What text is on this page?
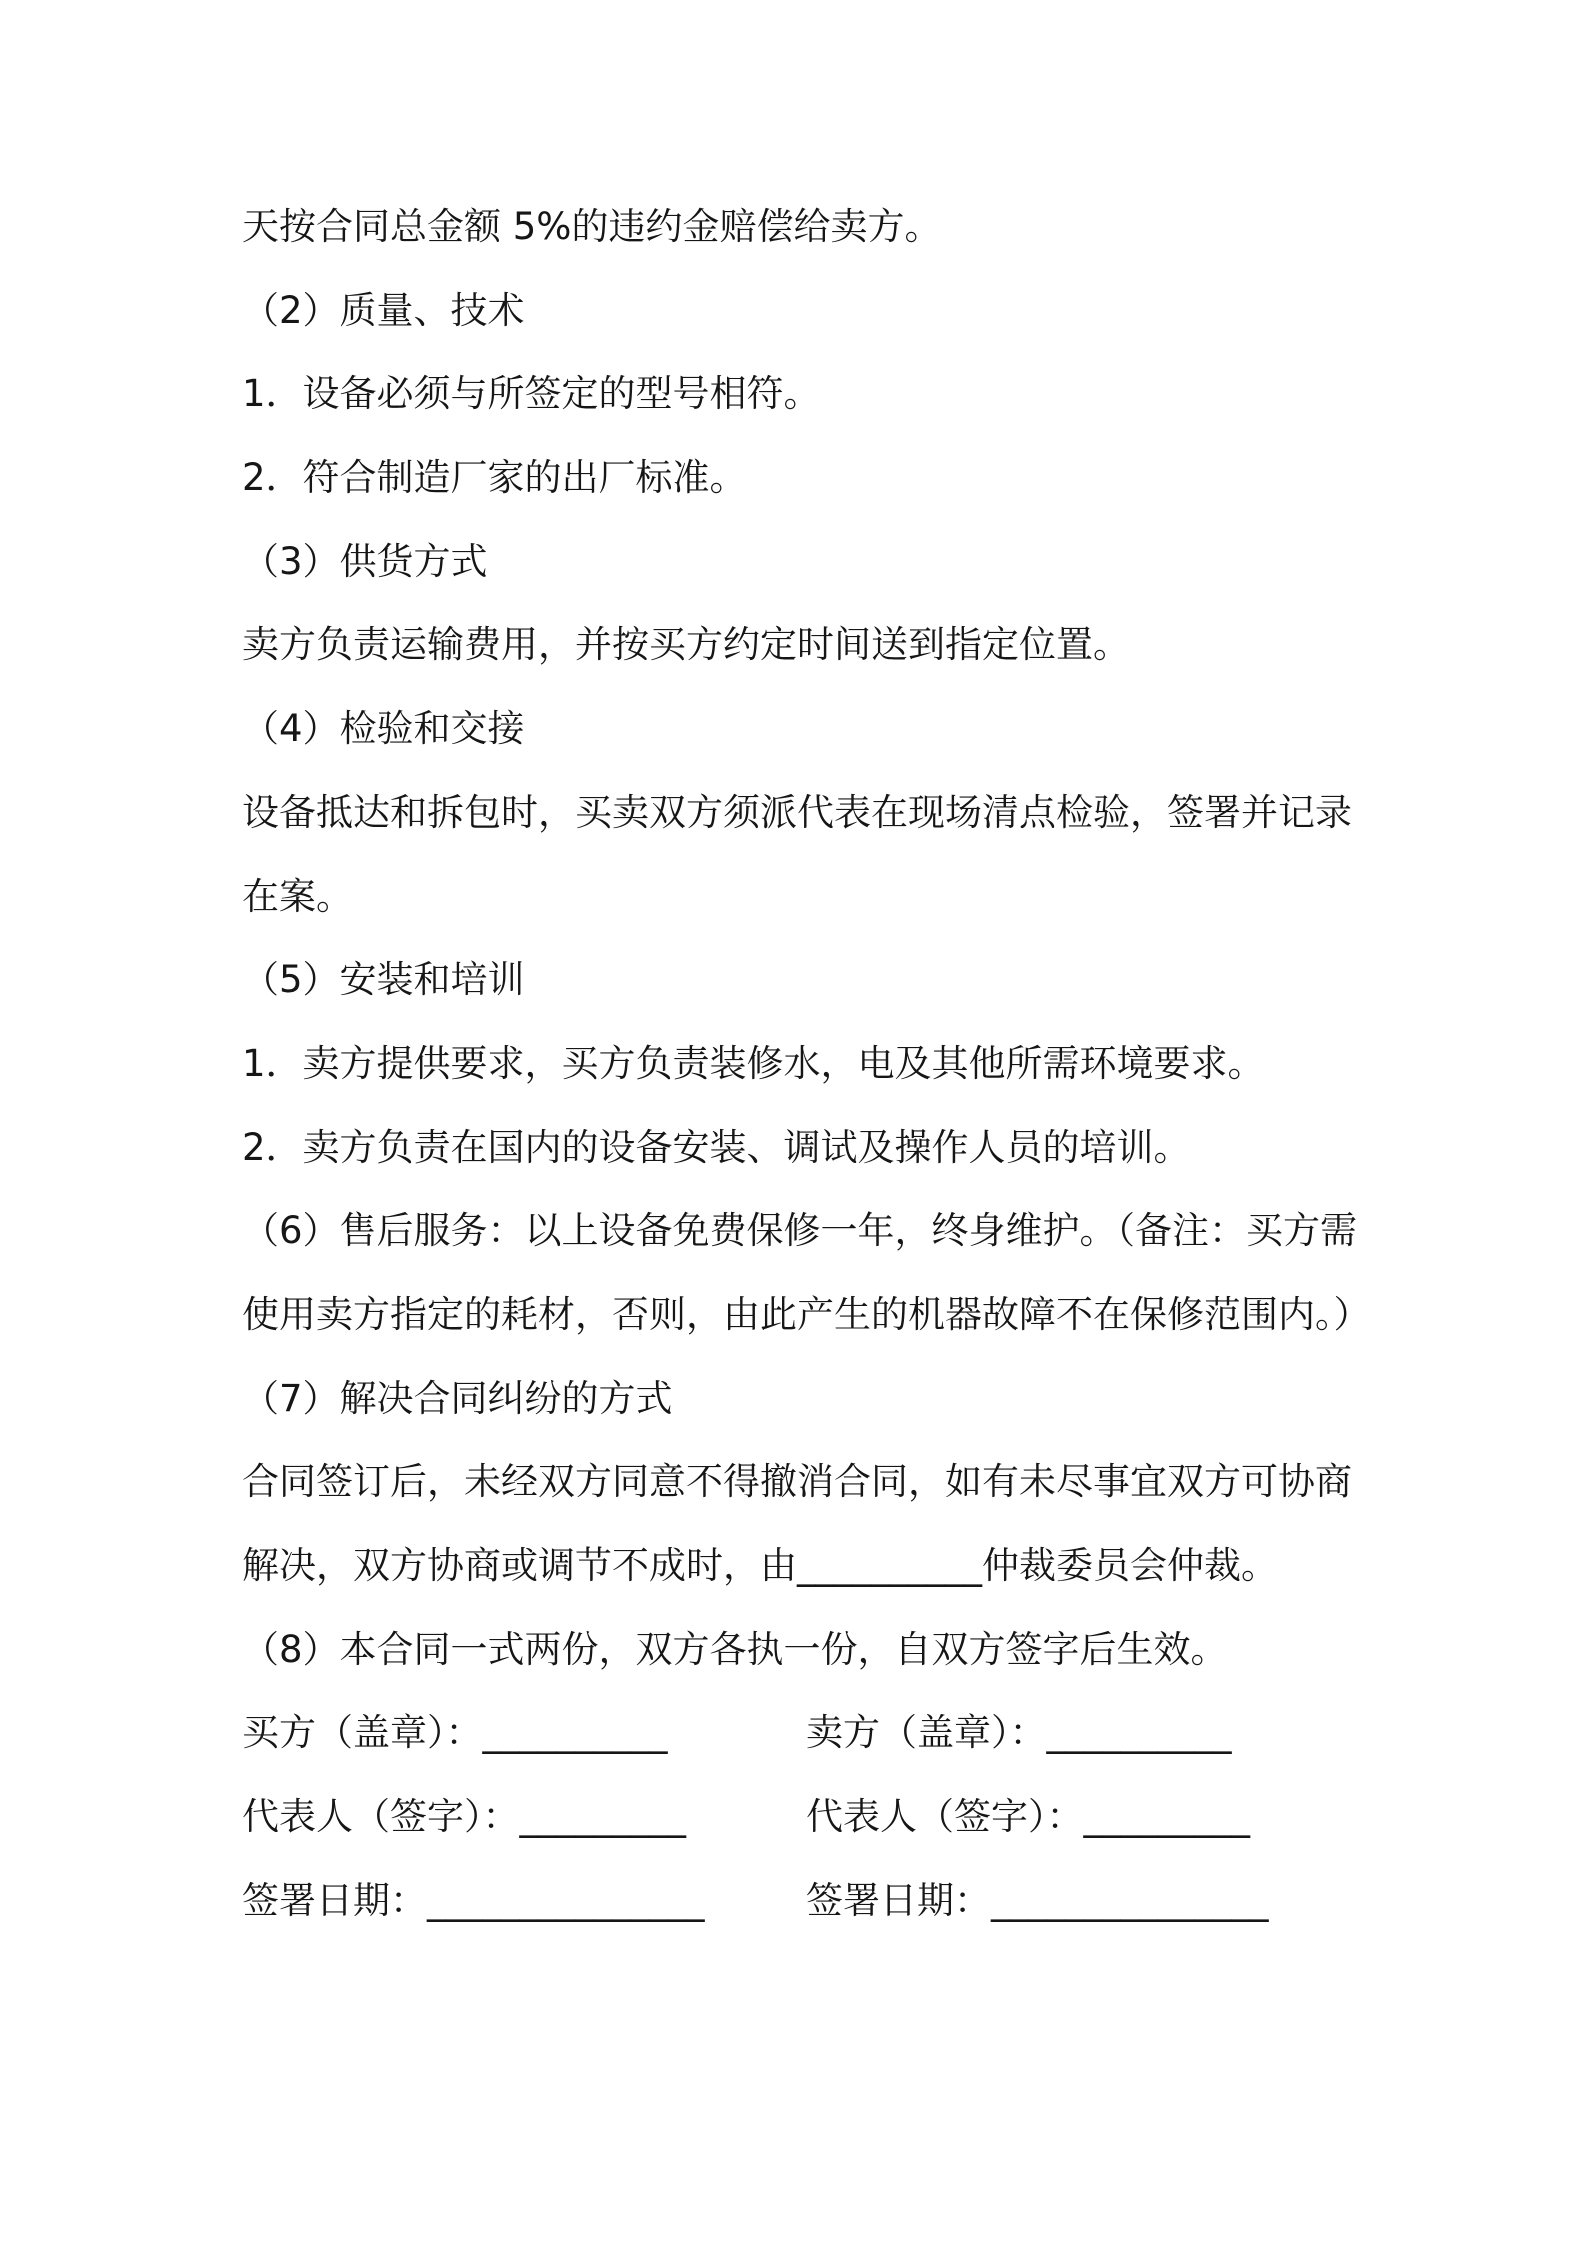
天按合同总金额 5%的违约金赔偿给卖方。
（2）质量、技术
1．设备必须与所签定的型号相符。
2．符合制造厂家的出厂标准。
（3）供货方式
卖方负责运输费用，并按买方约定时间送到指定位置。
（4）检验和交接
设备抵达和拆包时，买卖双方须派代表在现场清点检验，签署并记录
在案。
（5）安装和培训
1．卖方提供要求，买方负责装修水，电及其他所需环境要求。
2．卖方负责在国内的设备安装、调试及操作人员的培训。
（6）售后服务：以上设备免费保修一年，终身维护。（备注：买方需
使用卖方指定的耗材，否则，由此产生的机器故障不在保修范围内。）
（7）解决合同纠纷的方式
合同签订后，未经双方同意不得撤消合同，如有未尽事宜双方可协商
解决，双方协商或调节不成时，由__________仲裁委员会仲裁。
（8）本合同一式两份，双方各执一份，自双方签字后生效。
买方（盖章）：__________	卖方（盖章）：__________
代表人（签字）：_________	代表人（签字）：_________
签署日期：_______________	签署日期：_______________
